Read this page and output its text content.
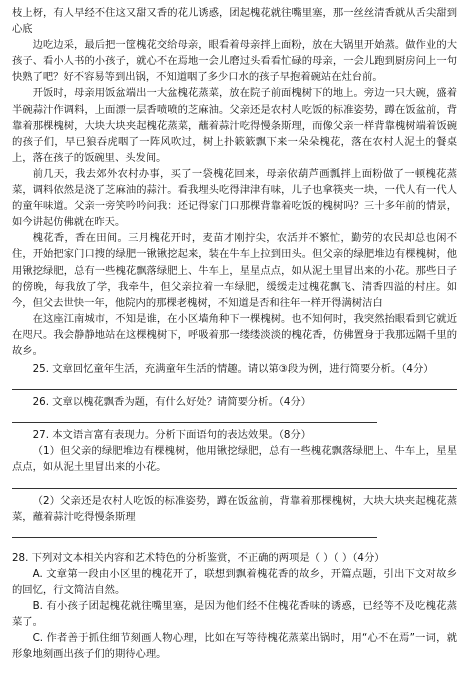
枝上枒，有人早经不住这又甜又香的花儿诱惑，团起槐花就往嘴里塞，那一丝丝清香就从舌尖甜到心底

边吃边采，最后把一筐槐花交给母亲，眼看着母亲拌上面粉，放在大锅里开始蒸。做作业的大孩子、看小人书的小孩子，就心不在焉地一会儿磨过头看看忙碌的母亲，一会儿跑到厨房问上一句快熟了吧？好不容易等到出锅，不知道咽了多少口水的孩子早抱着碗站在灶台前。

开饭时，母亲用饭盆端出一大盆槐花蒸菜，放在院子前面槐树下的地上。旁边一只大碗，盛着半碗蒜汁作调料，上面漂一层香喷喷的芝麻油。父亲还是农村人吃饭的标准姿势，蹲在饭盆前，背靠着那棵槐树，大块大块夹起槐花蒸菜，蘸着蒜汁吃得慢条斯理，而像父亲一样背靠槐树端着饭碗的孩子们，早已狼吞虎咽了一阵风吹过，树上扑簌簌飘下来一朵朵槐花，落在农村人泥土的餐桌上，落在孩子的饭碗里、头发间。

前几天，我去郊外农村办事，买了一袋槐花回来，母亲依葫芦画瓢拌上面粉做了一顿槐花蒸菜，调料依然是浇了芝麻油的蒜汁。看我埋头吃得津津有味，儿子也拿筷夹一块，一代人有一代人的童年味道。父亲一旁笑吟吟问我：还记得家门口那棵背靠着吃饭的槐树吗？三十多年前的情景，如今讲起仿佛就在昨天。

槐花香，香在田间。三月槐花开时，麦苗才刚拧尖，农活并不繁忙，勤劳的农民却总也闲不住，开始把家门口搜的绿肥一锹锹挖起来，装在牛车上拉到田头。但父亲的绿肥堆边有棵槐树，他用锹挖绿肥，总有一些槐花飘落绿肥上、牛车上，星星点点，如从泥土里冒出来的小花。那些日子的傍晚，每我放了学，我牵牛，但父亲拉着一车绿肥，缓缓走过槐花飘飞、清香四溢的村庄。如今，但父去世快一年，他院内的那棵老槐树，不知道是否和往年一样开得满树洁白

在这座江南城市，不知是谁，在小区墙角种下一棵槐树。也不知何时，我突然抬眼看到它就近在咫尺。我会静静地站在这棵槐树下，呼吸着那一缕缕淡淡的槐花香，仿佛置身于我那远隔千里的故乡。

25. 文章回忆童年生活，充满童年生活的情趣。请以第③段为例，进行简要分析。（4分）

26. 文章以槐花飘香为题，有什么好处？请简要分析。（4分）

27. 本文语言富有表现力。分析下面语句的表达效果。（8分）

（1）但父亲的绿肥堆边有棵槐树，他用锹挖绿肥，总有一些槐花飘落绿肥上、牛车上，星星点点，如从泥土里冒出来的小花。

（2）父亲还是农村人吃饭的标准姿势，蹲在饭盆前，背靠着那棵槐树，大块大块夹起槐花蒸菜，蘸着蒜汁吃得慢条斯理

28. 下列对文本相关内容和艺术特色的分析鉴赏，不正确的两项是（ ）（ ）（4分）

A. 文章第一段由小区里的槐花开了，联想到飘着槐花香的故乡，开篇点题，引出下文对故乡的回忆，行文简洁自然。

B. 有小孩子团起槐花就往嘴里塞，是因为他们经不住槐花香味的诱惑，已经等不及吃槐花蒸菜了。

C. 作者善于抓住细节刻画人物心理，比如在写等待槐花蒸菜出锅时，用“心不在焉”一词，就形象地刻画出孩子们的期待心理。
